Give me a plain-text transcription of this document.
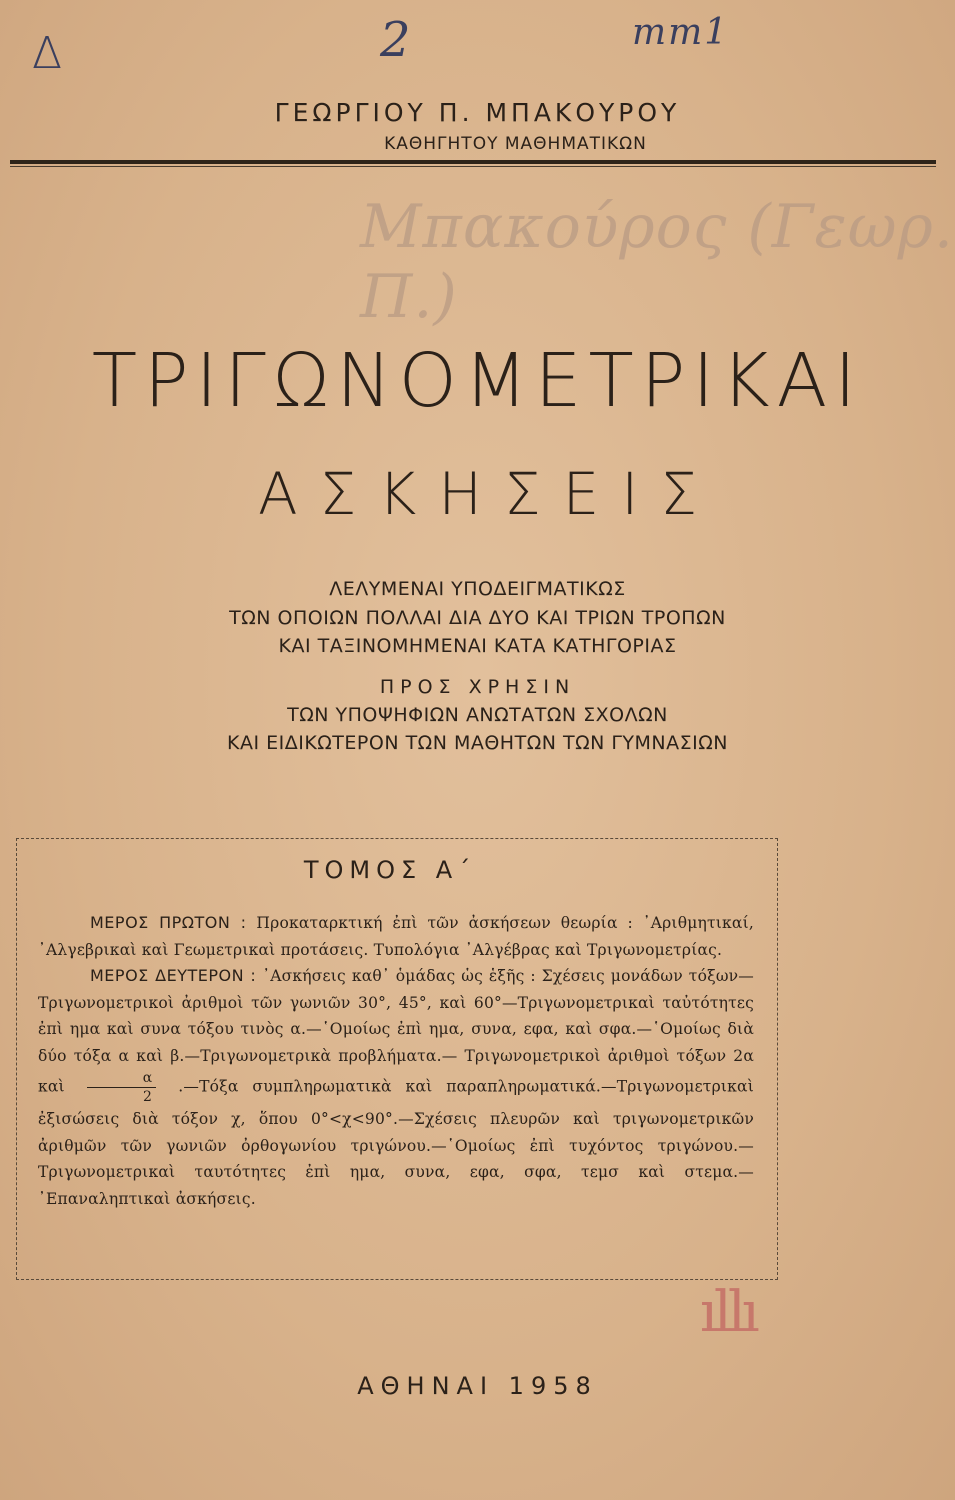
Δ	2	mm1
ΓΕΩΡΓΙΟΥ Π. ΜΠΑΚΟΥΡΟΥ
ΚΑΘΗΓΗΤΟΥ ΜΑΘΗΜΑΤΙΚΩΝ
Μπακούρος (Γεωρ. Π.)
ΤΡΙΓΩΝΟΜΕΤΡΙΚΑΙ
ΑΣΚΗΣΕΙΣ
ΛΕΛΥΜΕΝΑΙ ΥΠΟΔΕΙΓΜΑΤΙΚΩΣ
ΤΩΝ ΟΠΟΙΩΝ ΠΟΛΛΑΙ ΔΙΑ ΔΥΟ ΚΑΙ ΤΡΙΩΝ ΤΡΟΠΩΝ
ΚΑΙ ΤΑΞΙΝΟΜΗΜΕΝΑΙ ΚΑΤΑ ΚΑΤΗΓΟΡΙΑΣ
ΠΡΟΣ ΧΡΗΣΙΝ
ΤΩΝ ΥΠΟΨΗΦΙΩΝ ΑΝΩΤΑΤΩΝ ΣΧΟΛΩΝ
ΚΑΙ ΕΙΔΙΚΩΤΕΡΟΝ ΤΩΝ ΜΑΘΗΤΩΝ ΤΩΝ ΓΥΜΝΑΣΙΩΝ
ΤΟΜΟΣ Α΄

ΜΕΡΟΣ ΠΡΩΤΟΝ : Προκαταρκτική ἐπὶ τῶν ἀσκήσεων θεωρία : ᾽Αριθμητικαί, ᾽Αλγεβρικαὶ καὶ Γεωμετρικαὶ προτάσεις. Τυπολόγια ᾽Αλγέβρας καὶ Τριγωνομετρίας.

ΜΕΡΟΣ ΔΕΥΤΕΡΟΝ : ᾽Ασκήσεις καθ᾽ ὁμάδας ὡς ἑξῆς : Σχέσεις μονάδων τόξων—Τριγωνομετρικοὶ ἀριθμοὶ τῶν γωνιῶν 30°, 45°, καὶ 60°—Τριγωνομετρικαὶ ταὐτότητες ἐπὶ ημα καὶ συνα τόξου τινὸς α.—῾Ομοίως ἐπὶ ημα, συνα, εφα, καὶ σφα.—῾Ομοίως διὰ δύο τόξα α καὶ β.—Τριγωνομετρικὰ προβλήματα.— Τριγωνομετρικοὶ ἀριθμοὶ τόξων 2α καὶ $\frac{\alpha}{2}$ .—Τόξα συμπληρωματικὰ καὶ παραπληρωματικά.—Τριγωνομετρικαὶ ἐξισώσεις διὰ τόξον χ, ὅπου 0°<χ<90°.—Σχέσεις πλευρῶν καὶ τριγωνομετρικῶν ἀριθμῶν τῶν γωνιῶν ὀρθογωνίου τριγώνου.—῾Ομοίως ἐπὶ τυχόντος τριγώνου.—Τριγωνομετρικαὶ ταυτότητες ἐπὶ ημα, συνα, εφα, σφα, τεμσ καὶ στεμα.—᾽Επαναληπτικαὶ ἀσκήσεις.

ıllı
ΑΘΗΝΑΙ 1958
